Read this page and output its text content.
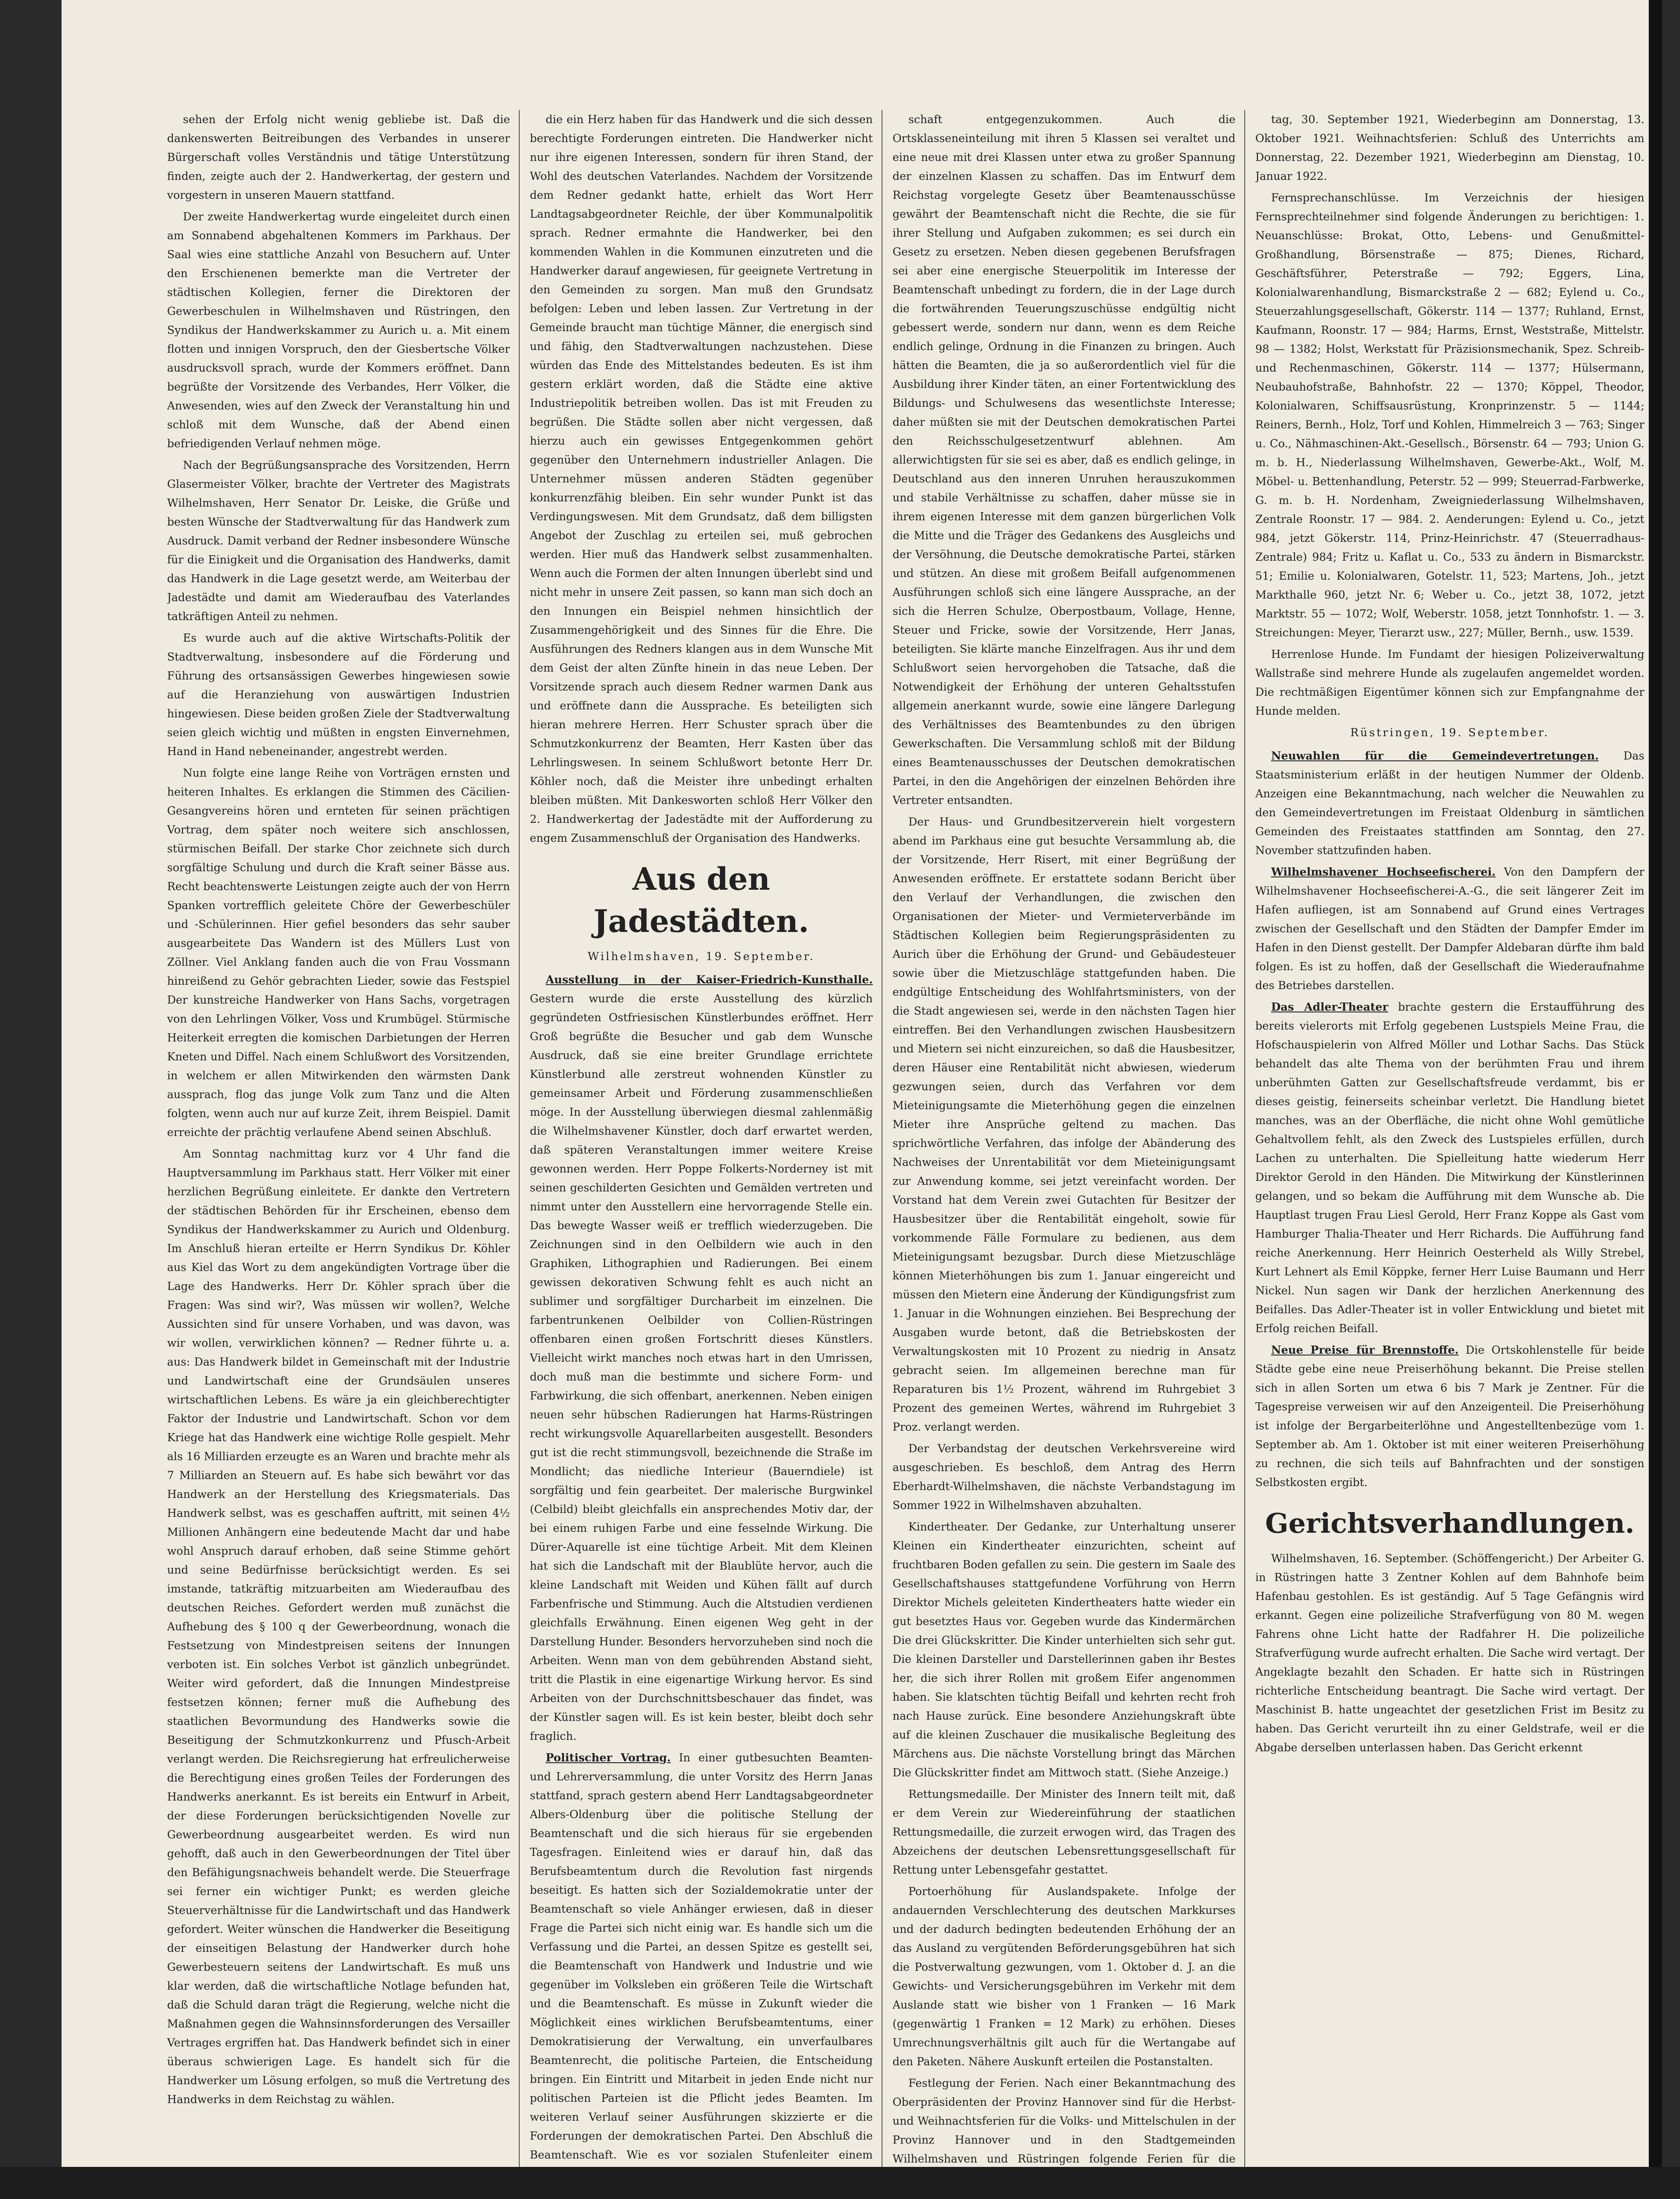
sehen der Erfolg nicht wenig gebliebe ist. Daß die dankenswerten Beitreibungen des Verbandes in unserer Bürgerschaft volles Verständnis und tätige Unterstützung finden, zeigte auch der 2. Handwerkertag, der gestern und vorgestern in unseren Mauern stattfand.

Der zweite Handwerkertag wurde eingeleitet durch einen am Sonnabend abgehaltenen Kommers im Parkhaus. Der Saal wies eine stattliche Anzahl von Besuchern auf. Unter den Erschienenen bemerkte man die Vertreter der städtischen Kollegien, ferner die Direktoren der Gewerbeschulen in Wilhelmshaven und Rüstringen, den Syndikus der Handwerkskammer zu Aurich u. a. Mit einem flotten und innigen Vorspruch, den der Giesbertsche Völker ausdrucksvoll sprach, wurde der Kommers eröffnet. Dann begrüßte der Vorsitzende des Verbandes, Herr Völker, die Anwesenden, wies auf den Zweck der Veranstaltung hin und schloß mit dem Wunsche, daß der Abend einen befriedigenden Verlauf nehmen möge.

Nach der Begrüßungsansprache des Vorsitzenden, Herrn Glasermeister Völker, brachte der Vertreter des Magistrats Wilhelmshaven, Herr Senator Dr. Leiske, die Grüße und besten Wünsche der Stadtverwaltung für das Handwerk zum Ausdruck. Damit verband der Redner insbesondere Wünsche für die Einigkeit und die Organisation des Handwerks, damit das Handwerk in die Lage gesetzt werde, am Weiterbau der Jadestädte und damit am Wiederaufbau des Vaterlandes tatkräftigen Anteil zu nehmen.

Es wurde auch auf die aktive Wirtschafts-Politik der Stadtverwaltung, insbesondere auf die Förderung und Führung des ortsansässigen Gewerbes hingewiesen sowie auf die Heranziehung von auswärtigen Industrien hingewiesen. Diese beiden großen Ziele der Stadtverwaltung seien gleich wichtig und müßten in engsten Einvernehmen, Hand in Hand nebeneinander, angestrebt werden.

Nun folgte eine lange Reihe von Vorträgen ernsten und heiteren Inhaltes. Es erklangen die Stimmen des Cäcilien-Gesangvereins hören und ernteten für seinen prächtigen Vortrag, dem später noch weitere sich anschlossen, stürmischen Beifall. Der starke Chor zeichnete sich durch sorgfältige Schulung und durch die Kraft seiner Bässe aus. Recht beachtenswerte Leistungen zeigte auch der von Herrn Spanken vortrefflich geleitete Chöre der Gewerbeschüler und -Schülerinnen. Hier gefiel besonders das sehr sauber ausgearbeitete Das Wandern ist des Müllers Lust von Zöllner. Viel Anklang fanden auch die von Frau Vossmann hinreißend zu Gehör gebrachten Lieder, sowie das Festspiel Der kunstreiche Handwerker von Hans Sachs, vorgetragen von den Lehrlingen Völker, Voss und Krumbügel. Stürmische Heiterkeit erregten die komischen Darbietungen der Herren Kneten und Diffel. Nach einem Schlußwort des Vorsitzenden, in welchem er allen Mitwirkenden den wärmsten Dank aussprach, flog das junge Volk zum Tanz und die Alten folgten, wenn auch nur auf kurze Zeit, ihrem Beispiel. Damit erreichte der prächtig verlaufene Abend seinen Abschluß.

Am Sonntag nachmittag kurz vor 4 Uhr fand die Hauptversammlung im Parkhaus statt. Herr Völker mit einer herzlichen Begrüßung einleitete. Er dankte den Vertretern der städtischen Behörden für ihr Erscheinen, ebenso dem Syndikus der Handwerkskammer zu Aurich und Oldenburg. Im Anschluß hieran erteilte er Herrn Syndikus Dr. Köhler aus Kiel das Wort zu dem angekündigten Vortrage über die Lage des Handwerks. Herr Dr. Köhler sprach über die Fragen: Was sind wir?, Was müssen wir wollen?, Welche Aussichten sind für unsere Vorhaben, und was davon, was wir wollen, verwirklichen können? — Redner führte u. a. aus: Das Handwerk bildet in Gemeinschaft mit der Industrie und Landwirtschaft eine der Grundsäulen unseres wirtschaftlichen Lebens. Es wäre ja ein gleichberechtigter Faktor der Industrie und Landwirtschaft. Schon vor dem Kriege hat das Handwerk eine wichtige Rolle gespielt. Mehr als 16 Milliarden erzeugte es an Waren und brachte mehr als 7 Milliarden an Steuern auf. Es habe sich bewährt vor das Handwerk an der Herstellung des Kriegsmaterials. Das Handwerk selbst, was es geschaffen auftritt, mit seinen 4½ Millionen Anhängern eine bedeutende Macht dar und habe wohl Anspruch darauf erhoben, daß seine Stimme gehört und seine Bedürfnisse berücksichtigt werden. Es sei imstande, tatkräftig mitzuarbeiten am Wiederaufbau des deutschen Reiches. Gefordert werden muß zunächst die Aufhebung des § 100 q der Gewerbeordnung, wonach die Festsetzung von Mindestpreisen seitens der Innungen verboten ist. Ein solches Verbot ist gänzlich unbegründet. Weiter wird gefordert, daß die Innungen Mindestpreise festsetzen können; ferner muß die Aufhebung des staatlichen Bevormundung des Handwerks sowie die Beseitigung der Schmutzkonkurrenz und Pfusch-Arbeit verlangt werden. Die Reichsregierung hat erfreulicherweise die Berechtigung eines großen Teiles der Forderungen des Handwerks anerkannt. Es ist bereits ein Entwurf in Arbeit, der diese Forderungen berücksichtigenden Novelle zur Gewerbeordnung ausgearbeitet werden. Es wird nun gehofft, daß auch in den Gewerbeordnungen der Titel über den Befähigungsnachweis behandelt werde. Die Steuerfrage sei ferner ein wichtiger Punkt; es werden gleiche Steuerverhältnisse für die Landwirtschaft und das Handwerk gefordert. Weiter wünschen die Handwerker die Beseitigung der einseitigen Belastung der Handwerker durch hohe Gewerbesteuern seitens der Landwirtschaft. Es muß uns klar werden, daß die wirtschaftliche Notlage befunden hat, daß die Schuld daran trägt die Regierung, welche nicht die Maßnahmen gegen die Wahnsinnsforderungen des Versailler Vertrages ergriffen hat. Das Handwerk befindet sich in einer überaus schwierigen Lage. Es handelt sich für die Handwerker um Lösung erfolgen, so muß die Vertretung des Handwerks in dem Reichstag zu wählen.

die ein Herz haben für das Handwerk und die sich dessen berechtigte Forderungen eintreten. Die Handwerker nicht nur ihre eigenen Interessen, sondern für ihren Stand, der Wohl des deutschen Vaterlandes. Nachdem der Vorsitzende dem Redner gedankt hatte, erhielt das Wort Herr Landtagsabgeordneter Reichle, der über Kommunalpolitik sprach. Redner ermahnte die Handwerker, bei den kommenden Wahlen in die Kommunen einzutreten und die Handwerker darauf angewiesen, für geeignete Vertretung in den Gemeinden zu sorgen. Man muß den Grundsatz befolgen: Leben und leben lassen. Zur Vertretung in der Gemeinde braucht man tüchtige Männer, die energisch sind und fähig, den Stadtverwaltungen nachzustehen. Diese würden das Ende des Mittelstandes bedeuten. Es ist ihm gestern erklärt worden, daß die Städte eine aktive Industriepolitik betreiben wollen. Das ist mit Freuden zu begrüßen. Die Städte sollen aber nicht vergessen, daß hierzu auch ein gewisses Entgegenkommen gehört gegenüber den Unternehmern industrieller Anlagen. Die Unternehmer müssen anderen Städten gegenüber konkurrenzfähig bleiben. Ein sehr wunder Punkt ist das Verdingungswesen. Mit dem Grundsatz, daß dem billigsten Angebot der Zuschlag zu erteilen sei, muß gebrochen werden. Hier muß das Handwerk selbst zusammenhalten. Wenn auch die Formen der alten Innungen überlebt sind und nicht mehr in unsere Zeit passen, so kann man sich doch an den Innungen ein Beispiel nehmen hinsichtlich der Zusammengehörigkeit und des Sinnes für die Ehre. Die Ausführungen des Redners klangen aus in dem Wunsche Mit dem Geist der alten Zünfte hinein in das neue Leben. Der Vorsitzende sprach auch diesem Redner warmen Dank aus und eröffnete dann die Aussprache. Es beteiligten sich hieran mehrere Herren. Herr Schuster sprach über die Schmutzkonkurrenz der Beamten, Herr Kasten über das Lehrlingswesen. In seinem Schlußwort betonte Herr Dr. Köhler noch, daß die Meister ihre unbedingt erhalten bleiben müßten. Mit Dankesworten schloß Herr Völker den 2. Handwerkertag der Jadestädte mit der Aufforderung zu engem Zusammenschluß der Organisation des Handwerks.

Aus den Jadestädten.
Wilhelmshaven, 19. September.

Ausstellung in der Kaiser-Friedrich-Kunsthalle. Gestern wurde die erste Ausstellung des kürzlich gegründeten Ostfriesischen Künstlerbundes eröffnet. Herr Groß begrüßte die Besucher und gab dem Wunsche Ausdruck, daß sie eine breiter Grundlage errichtete Künstlerbund alle zerstreut wohnenden Künstler zu gemeinsamer Arbeit und Förderung zusammenschließen möge. In der Ausstellung überwiegen diesmal zahlenmäßig die Wilhelmshavener Künstler, doch darf erwartet werden, daß späteren Veranstaltungen immer weitere Kreise gewonnen werden. Herr Poppe Folkerts-Norderney ist mit seinen geschilderten Gesichten und Gemälden vertreten und nimmt unter den Ausstellern eine hervorragende Stelle ein. Das bewegte Wasser weiß er trefflich wiederzugeben. Die Zeichnungen sind in den Oelbildern wie auch in den Graphiken, Lithographien und Radierungen. Bei einem gewissen dekorativen Schwung fehlt es auch nicht an sublimer und sorgfältiger Durcharbeit im einzelnen. Die farbentrunkenen Oelbilder von Collien-Rüstringen offenbaren einen großen Fortschritt dieses Künstlers. Vielleicht wirkt manches noch etwas hart in den Umrissen, doch muß man die bestimmte und sichere Form- und Farbwirkung, die sich offenbart, anerkennen. Neben einigen neuen sehr hübschen Radierungen hat Harms-Rüstringen recht wirkungsvolle Aquarellarbeiten ausgestellt. Besonders gut ist die recht stimmungsvoll, bezeichnende die Straße im Mondlicht; das niedliche Interieur (Bauerndiele) ist sorgfältig und fein gearbeitet. Der malerische Burgwinkel (Celbild) bleibt gleichfalls ein ansprechendes Motiv dar, der bei einem ruhigen Farbe und eine fesselnde Wirkung. Die Dürer-Aquarelle ist eine tüchtige Arbeit. Mit dem Kleinen hat sich die Landschaft mit der Blaublüte hervor, auch die kleine Landschaft mit Weiden und Kühen fällt auf durch Farbenfrische und Stimmung. Auch die Altstudien verdienen gleichfalls Erwähnung. Einen eigenen Weg geht in der Darstellung Hunder. Besonders hervorzuheben sind noch die Arbeiten. Wenn man von dem gebührenden Abstand sieht, tritt die Plastik in eine eigenartige Wirkung hervor. Es sind Arbeiten von der Durchschnittsbeschauer das findet, was der Künstler sagen will. Es ist kein bester, bleibt doch sehr fraglich.

Politischer Vortrag. In einer gutbesuchten Beamten- und Lehrerversammlung, die unter Vorsitz des Herrn Janas stattfand, sprach gestern abend Herr Landtagsabgeordneter Albers-Oldenburg über die politische Stellung der Beamtenschaft und die sich hieraus für sie ergebenden Tagesfragen. Einleitend wies er darauf hin, daß das Berufsbeamtentum durch die Revolution fast nirgends beseitigt. Es hatten sich der Sozialdemokratie unter der Beamtenschaft so viele Anhänger erwiesen, daß in dieser Frage die Partei sich nicht einig war. Es handle sich um die Verfassung und die Partei, an dessen Spitze es gestellt sei, die Beamtenschaft von Handwerk und Industrie und wie gegenüber im Volksleben ein größeren Teile die Wirtschaft und die Beamtenschaft. Es müsse in Zukunft wieder die Möglichkeit eines wirklichen Berufsbeamtentums, einer Demokratisierung der Verwaltung, ein unverfaulbares Beamtenrecht, die politische Parteien, die Entscheidung bringen. Ein Eintritt und Mitarbeit in jeden Ende nicht nur politischen Parteien ist die Pflicht jedes Beamten. Im weiteren Verlauf seiner Ausführungen skizzierte er die Forderungen der demokratischen Partei. Den Abschluß die Beamtenschaft. Wie es vor sozialen Stufenleiter einem

schaft entgegenzukommen. Auch die Ortsklasseneinteilung mit ihren 5 Klassen sei veraltet und eine neue mit drei Klassen unter etwa zu großer Spannung der einzelnen Klassen zu schaffen. Das im Entwurf dem Reichstag vorgelegte Gesetz über Beamtenausschüsse gewährt der Beamtenschaft nicht die Rechte, die sie für ihrer Stellung und Aufgaben zukommen; es sei durch ein Gesetz zu ersetzen. Neben diesen gegebenen Berufsfragen sei aber eine energische Steuerpolitik im Interesse der Beamtenschaft unbedingt zu fordern, die in der Lage durch die fortwährenden Teuerungszuschüsse endgültig nicht gebessert werde, sondern nur dann, wenn es dem Reiche endlich gelinge, Ordnung in die Finanzen zu bringen. Auch hätten die Beamten, die ja so außerordentlich viel für die Ausbildung ihrer Kinder täten, an einer Fortentwicklung des Bildungs- und Schulwesens das wesentlichste Interesse; daher müßten sie mit der Deutschen demokratischen Partei den Reichsschulgesetzentwurf ablehnen. Am allerwichtigsten für sie sei es aber, daß es endlich gelinge, in Deutschland aus den inneren Unruhen herauszukommen und stabile Verhältnisse zu schaffen, daher müsse sie in ihrem eigenen Interesse mit dem ganzen bürgerlichen Volk die Mitte und die Träger des Gedankens des Ausgleichs und der Versöhnung, die Deutsche demokratische Partei, stärken und stützen. An diese mit großem Beifall aufgenommenen Ausführungen schloß sich eine längere Aussprache, an der sich die Herren Schulze, Oberpostbaum, Vollage, Henne, Steuer und Fricke, sowie der Vorsitzende, Herr Janas, beteiligten. Sie klärte manche Einzelfragen. Aus ihr und dem Schlußwort seien hervorgehoben die Tatsache, daß die Notwendigkeit der Erhöhung der unteren Gehaltsstufen allgemein anerkannt wurde, sowie eine längere Darlegung des Verhältnisses des Beamtenbundes zu den übrigen Gewerkschaften. Die Versammlung schloß mit der Bildung eines Beamtenausschusses der Deutschen demokratischen Partei, in den die Angehörigen der einzelnen Behörden ihre Vertreter entsandten.

Der Haus- und Grundbesitzerverein hielt vorgestern abend im Parkhaus eine gut besuchte Versammlung ab, die der Vorsitzende, Herr Risert, mit einer Begrüßung der Anwesenden eröffnete. Er erstattete sodann Bericht über den Verlauf der Verhandlungen, die zwischen den Organisationen der Mieter- und Vermieterverbände im Städtischen Kollegien beim Regierungspräsidenten zu Aurich über die Erhöhung der Grund- und Gebäudesteuer sowie über die Mietzuschläge stattgefunden haben. Die endgültige Entscheidung des Wohlfahrtsministers, von der die Stadt angewiesen sei, werde in den nächsten Tagen hier eintreffen. Bei den Verhandlungen zwischen Hausbesitzern und Mietern sei nicht einzureichen, so daß die Hausbesitzer, deren Häuser eine Rentabilität nicht abwiesen, wiederum gezwungen seien, durch das Verfahren vor dem Mieteinigungsamte die Mieterhöhung gegen die einzelnen Mieter ihre Ansprüche geltend zu machen. Das sprichwörtliche Verfahren, das infolge der Abänderung des Nachweises der Unrentabilität vor dem Mieteinigungsamt zur Anwendung komme, sei jetzt vereinfacht worden. Der Vorstand hat dem Verein zwei Gutachten für Besitzer der Hausbesitzer über die Rentabilität eingeholt, sowie für vorkommende Fälle Formulare zu bedienen, aus dem Mieteinigungsamt bezugsbar. Durch diese Mietzuschläge können Mieterhöhungen bis zum 1. Januar eingereicht und müssen den Mietern eine Änderung der Kündigungsfrist zum 1. Januar in die Wohnungen einziehen. Bei Besprechung der Ausgaben wurde betont, daß die Betriebskosten der Verwaltungskosten mit 10 Prozent zu niedrig in Ansatz gebracht seien. Im allgemeinen berechne man für Reparaturen bis 1½ Prozent, während im Ruhrgebiet 3 Prozent des gemeinen Wertes, während im Ruhrgebiet 3 Proz. verlangt werden.

Der Verbandstag der deutschen Verkehrsvereine wird ausgeschrieben. Es beschloß, dem Antrag des Herrn Eberhardt-Wilhelmshaven, die nächste Verbandstagung im Sommer 1922 in Wilhelmshaven abzuhalten.

Kindertheater. Der Gedanke, zur Unterhaltung unserer Kleinen ein Kindertheater einzurichten, scheint auf fruchtbaren Boden gefallen zu sein. Die gestern im Saale des Gesellschaftshauses stattgefundene Vorführung von Herrn Direktor Michels geleiteten Kindertheaters hatte wieder ein gut besetztes Haus vor. Gegeben wurde das Kindermärchen Die drei Glückskritter. Die Kinder unterhielten sich sehr gut. Die kleinen Darsteller und Darstellerinnen gaben ihr Bestes her, die sich ihrer Rollen mit großem Eifer angenommen haben. Sie klatschten tüchtig Beifall und kehrten recht froh nach Hause zurück. Eine besondere Anziehungskraft übte auf die kleinen Zuschauer die musikalische Begleitung des Märchens aus. Die nächste Vorstellung bringt das Märchen Die Glückskritter findet am Mittwoch statt. (Siehe Anzeige.)

Rettungsmedaille. Der Minister des Innern teilt mit, daß er dem Verein zur Wiedereinführung der staatlichen Rettungsmedaille, die zurzeit erwogen wird, das Tragen des Abzeichens der deutschen Lebensrettungsgesellschaft für Rettung unter Lebensgefahr gestattet.

Portoerhöhung für Auslandspakete. Infolge der andauernden Verschlechterung des deutschen Markkurses und der dadurch bedingten bedeutenden Erhöhung der an das Ausland zu vergütenden Beförderungsgebühren hat sich die Postverwaltung gezwungen, vom 1. Oktober d. J. an die Gewichts- und Versicherungsgebühren im Verkehr mit dem Auslande statt wie bisher von 1 Franken — 16 Mark (gegenwärtig 1 Franken = 12 Mark) zu erhöhen. Dieses Umrechnungsverhältnis gilt auch für die Wertangabe auf den Paketen. Nähere Auskunft erteilen die Postanstalten.

Festlegung der Ferien. Nach einer Bekanntmachung des Oberpräsidenten der Provinz Hannover sind für die Herbst- und Weihnachtsferien für die Volks- und Mittelschulen in der Provinz Hannover und in den Stadtgemeinden Wilhelmshaven und Rüstringen folgende Ferien für die

tag, 30. September 1921, Wiederbeginn am Donnerstag, 13. Oktober 1921. Weihnachtsferien: Schluß des Unterrichts am Donnerstag, 22. Dezember 1921, Wiederbeginn am Dienstag, 10. Januar 1922.

Fernsprechanschlüsse. Im Verzeichnis der hiesigen Fernsprechteilnehmer sind folgende Änderungen zu berichtigen: 1. Neuanschlüsse: Brokat, Otto, Lebens- und Genußmittel-Großhandlung, Börsenstraße — 875; Dienes, Richard, Geschäftsführer, Peterstraße — 792; Eggers, Lina, Kolonialwarenhandlung, Bismarckstraße 2 — 682; Eylend u. Co., Steuerzahlungsgesellschaft, Gökerstr. 114 — 1377; Ruhland, Ernst, Kaufmann, Roonstr. 17 — 984; Harms, Ernst, Weststraße, Mittelstr. 98 — 1382; Holst, Werkstatt für Präzisionsmechanik, Spez. Schreib- und Rechenmaschinen, Gökerstr. 114 — 1377; Hülsermann, Neubauhofstraße, Bahnhofstr. 22 — 1370; Köppel, Theodor, Kolonialwaren, Schiffsausrüstung, Kronprinzenstr. 5 — 1144; Reiners, Bernh., Holz, Torf und Kohlen, Himmelreich 3 — 763; Singer u. Co., Nähmaschinen-Akt.-Gesellsch., Börsenstr. 64 — 793; Union G. m. b. H., Niederlassung Wilhelmshaven, Gewerbe-Akt., Wolf, M. Möbel- u. Bettenhandlung, Peterstr. 52 — 999; Steuerrad-Farbwerke, G. m. b. H. Nordenham, Zweigniederlassung Wilhelmshaven, Zentrale Roonstr. 17 — 984. 2. Aenderungen: Eylend u. Co., jetzt 984, jetzt Gökerstr. 114, Prinz-Heinrichstr. 47 (Steuerradhaus-Zentrale) 984; Fritz u. Kaflat u. Co., 533 zu ändern in Bismarckstr. 51; Emilie u. Kolonialwaren, Gotelstr. 11, 523; Martens, Joh., jetzt Markthalle 960, jetzt Nr. 6; Weber u. Co., jetzt 38, 1072, jetzt Marktstr. 55 — 1072; Wolf, Weberstr. 1058, jetzt Tonnhofstr. 1. — 3. Streichungen: Meyer, Tierarzt usw., 227; Müller, Bernh., usw. 1539.

Herrenlose Hunde. Im Fundamt der hiesigen Polizeiverwaltung Wallstraße sind mehrere Hunde als zugelaufen angemeldet worden. Die rechtmäßigen Eigentümer können sich zur Empfangnahme der Hunde melden.

Rüstringen, 19. September.

Neuwahlen für die Gemeindevertretungen. Das Staatsministerium erläßt in der heutigen Nummer der Oldenb. Anzeigen eine Bekanntmachung, nach welcher die Neuwahlen zu den Gemeindevertretungen im Freistaat Oldenburg in sämtlichen Gemeinden des Freistaates stattfinden am Sonntag, den 27. November stattzufinden haben.

Wilhelmshavener Hochseefischerei. Von den Dampfern der Wilhelmshavener Hochseefischerei-A.-G., die seit längerer Zeit im Hafen aufliegen, ist am Sonnabend auf Grund eines Vertrages zwischen der Gesellschaft und den Städten der Dampfer Emder im Hafen in den Dienst gestellt. Der Dampfer Aldebaran dürfte ihm bald folgen. Es ist zu hoffen, daß der Gesellschaft die Wiederaufnahme des Betriebes darstellen.

Das Adler-Theater brachte gestern die Erstaufführung des bereits vielerorts mit Erfolg gegebenen Lustspiels Meine Frau, die Hofschauspielerin von Alfred Möller und Lothar Sachs. Das Stück behandelt das alte Thema von der berühmten Frau und ihrem unberühmten Gatten zur Gesellschaftsfreude verdammt, bis er dieses geistig, feinerseits scheinbar verletzt. Die Handlung bietet manches, was an der Oberfläche, die nicht ohne Wohl gemütliche Gehaltvollem fehlt, als den Zweck des Lustspieles erfüllen, durch Lachen zu unterhalten. Die Spielleitung hatte wiederum Herr Direktor Gerold in den Händen. Die Mitwirkung der Künstlerinnen gelangen, und so bekam die Aufführung mit dem Wunsche ab. Die Hauptlast trugen Frau Liesl Gerold, Herr Franz Koppe als Gast vom Hamburger Thalia-Theater und Herr Richards. Die Aufführung fand reiche Anerkennung. Herr Heinrich Oesterheld als Willy Strebel, Kurt Lehnert als Emil Köppke, ferner Herr Luise Baumann und Herr Nickel. Nun sagen wir Dank der herzlichen Anerkennung des Beifalles. Das Adler-Theater ist in voller Entwicklung und bietet mit Erfolg reichen Beifall.

Neue Preise für Brennstoffe. Die Ortskohlenstelle für beide Städte gebe eine neue Preiserhöhung bekannt. Die Preise stellen sich in allen Sorten um etwa 6 bis 7 Mark je Zentner. Für die Tagespreise verweisen wir auf den Anzeigenteil. Die Preiserhöhung ist infolge der Bergarbeiterlöhne und Angestelltenbezüge vom 1. September ab. Am 1. Oktober ist mit einer weiteren Preiserhöhung zu rechnen, die sich teils auf Bahnfrachten und der sonstigen Selbstkosten ergibt.

Gerichtsverhandlungen.

Wilhelmshaven, 16. September. (Schöffengericht.) Der Arbeiter G. in Rüstringen hatte 3 Zentner Kohlen auf dem Bahnhofe beim Hafenbau gestohlen. Es ist geständig. Auf 5 Tage Gefängnis wird erkannt. Gegen eine polizeiliche Strafverfügung von 80 M. wegen Fahrens ohne Licht hatte der Radfahrer H. Die polizeiliche Strafverfügung wurde aufrecht erhalten. Die Sache wird vertagt. Der Angeklagte bezahlt den Schaden. Er hatte sich in Rüstringen richterliche Entscheidung beantragt. Die Sache wird vertagt. Der Maschinist B. hatte ungeachtet der gesetzlichen Frist im Besitz zu haben. Das Gericht verurteilt ihn zu einer Geldstrafe, weil er die Abgabe derselben unterlassen haben. Das Gericht erkennt
